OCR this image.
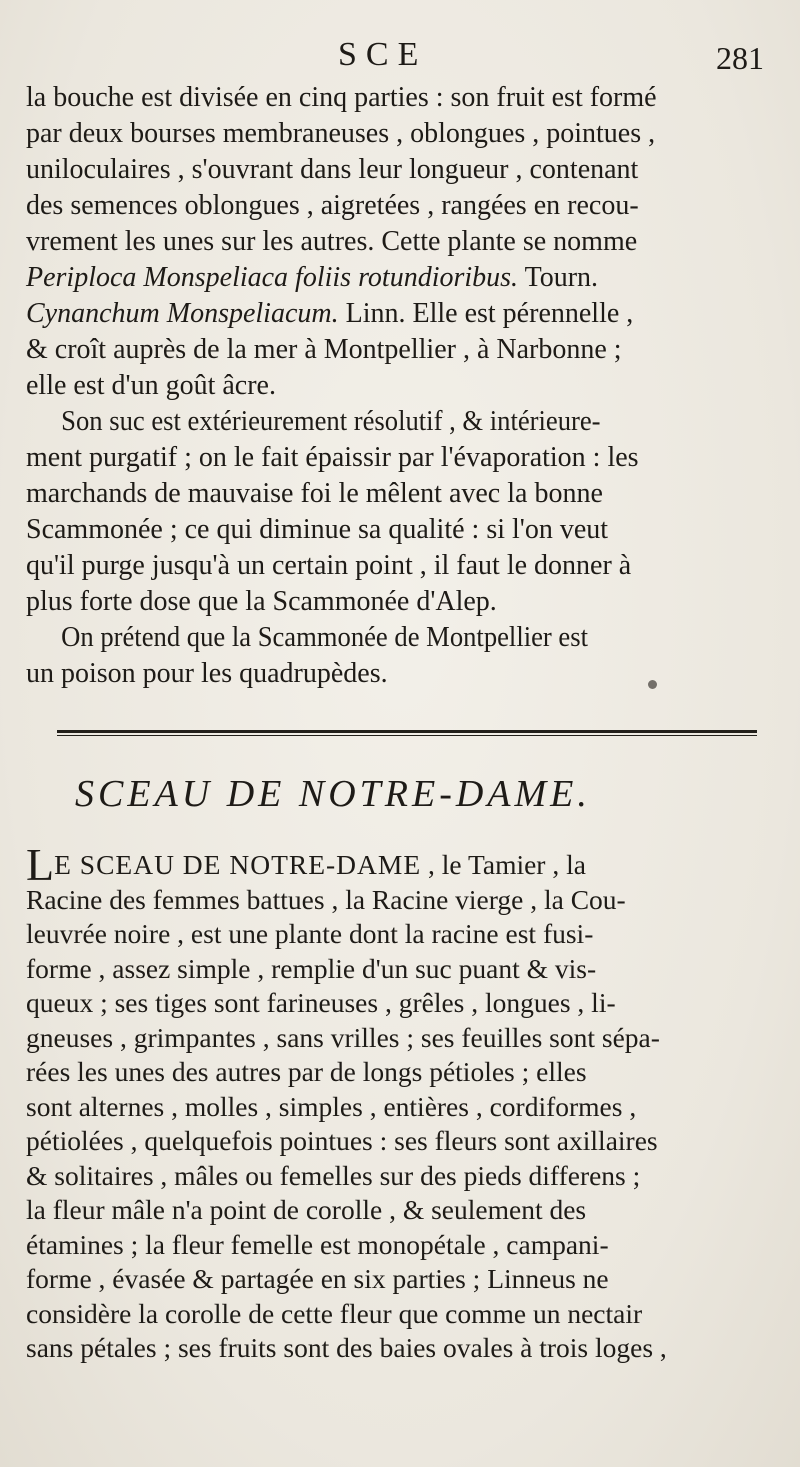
SCE	281

la bouche est divisée en cinq parties : son fruit est formé
par deux bourses membraneuses , oblongues , pointues ,
uniloculaires , s'ouvrant dans leur longueur , contenant
des semences oblongues , aigretées , rangées en recou-
vrement les unes sur les autres. Cette plante se nomme
Periploca Monspeliaca foliis rotundioribus. Tourn.
Cynanchum Monspeliacum. Linn. Elle est pérennelle ,
& croît auprès de la mer à Montpellier , à Narbonne ;
elle est d'un goût âcre.

Son suc est extérieurement résolutif , & intérieure-
ment purgatif ; on le fait épaissir par l'évaporation : les
marchands de mauvaise foi le mêlent avec la bonne
Scammonée ; ce qui diminue sa qualité : si l'on veut
qu'il purge jusqu'à un certain point , il faut le donner à
plus forte dose que la Scammonée d'Alep.

On prétend que la Scammonée de Montpellier est
un poison pour les quadrupèdes.

SCEAU DE NOTRE-DAME.

LE SCEAU DE NOTRE-DAME , le Tamier , la
Racine des femmes battues , la Racine vierge , la Cou-
leuvrée noire , est une plante dont la racine est fusi-
forme , assez simple , remplie d'un suc puant & vis-
queux ; ses tiges sont farineuses , grêles , longues , li-
gneuses , grimpantes , sans vrilles ; ses feuilles sont sépa-
rées les unes des autres par de longs pétioles ; elles
sont alternes , molles , simples , entières , cordiformes ,
pétiolées , quelquefois pointues : ses fleurs sont axillaires
& solitaires , mâles ou femelles sur des pieds differens ;
la fleur mâle n'a point de corolle , & seulement des
étamines ; la fleur femelle est monopétale , campani-
forme , évasée & partagée en six parties ; Linneus ne
considère la corolle de cette fleur que comme un nectair
sans pétales ; ses fruits sont des baies ovales à trois loges ,
